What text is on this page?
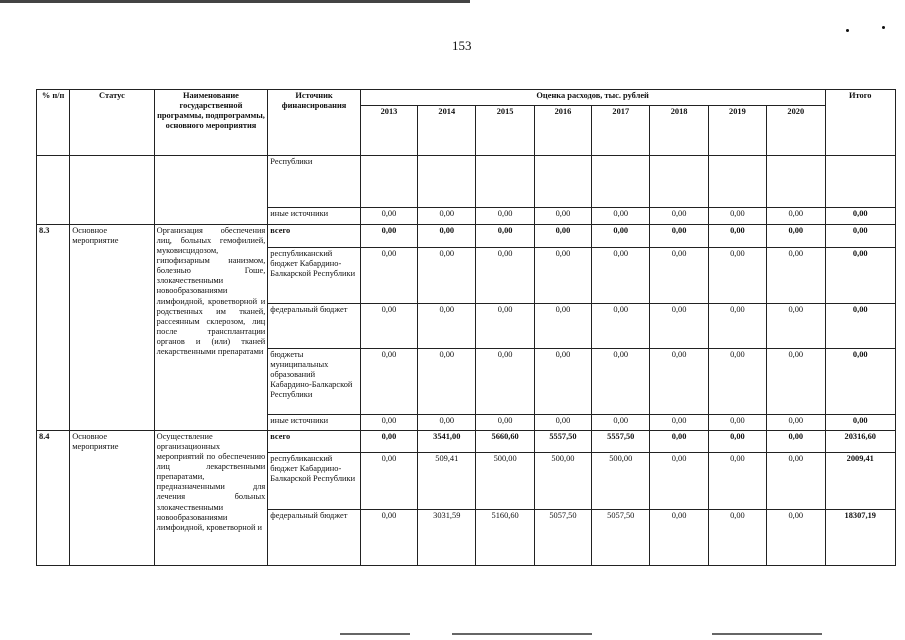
153
% п/п	Статус	Наименование государственной программы, подпрограммы, основного мероприятия	Источник финансирования	Оценка расходов, тыс. рублей								Итого
				2013	2014	2015	2016	2017	2018	2019	2020	
			Республики									
			иные источники	0,00	0,00	0,00	0,00	0,00	0,00	0,00	0,00	0,00
8.3	Основное мероприятие	Организация обеспечения лиц, больных гемофилией, муковисцидозом, гипофизарным нанизмом, болезнью Гоше, злокачественными новообразованиями лимфоидной, кроветворной и родственных им тканей, рассеянным склерозом, лиц после трансплантации органов и (или) тканей лекарственными препаратами	всего	0,00	0,00	0,00	0,00	0,00	0,00	0,00	0,00	0,00
			республиканский бюджет Кабардино-Балкарской Республики	0,00	0,00	0,00	0,00	0,00	0,00	0,00	0,00	0,00
			федеральный бюджет	0,00	0,00	0,00	0,00	0,00	0,00	0,00	0,00	0,00
			бюджеты муниципальных образований Кабардино-Балкарской Республики	0,00	0,00	0,00	0,00	0,00	0,00	0,00	0,00	0,00
			иные источники	0,00	0,00	0,00	0,00	0,00	0,00	0,00	0,00	0,00
8.4	Основное мероприятие	Осуществление организационных мероприятий по обеспечению лиц лекарственными препаратами, предназначенными для лечения больных злокачественными новообразованиями лимфоидной, кроветворной и	всего	0,00	3541,00	5660,60	5557,50	5557,50	0,00	0,00	0,00	20316,60
			республиканский бюджет Кабардино-Балкарской Республики	0,00	509,41	500,00	500,00	500,00	0,00	0,00	0,00	2009,41
			федеральный бюджет	0,00	3031,59	5160,60	5057,50	5057,50	0,00	0,00	0,00	18307,19
